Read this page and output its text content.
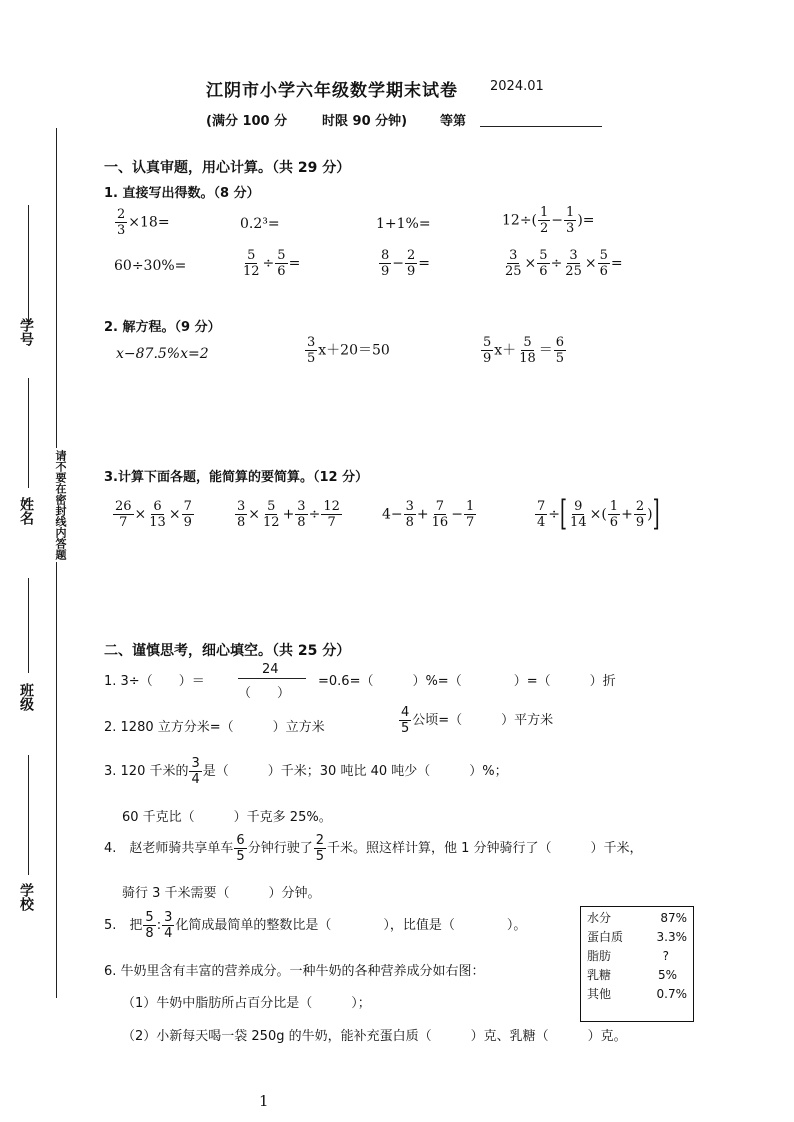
学号
姓名
班级
学校
请不要在密封线内答题
江阴市小学六年级数学期末试卷 2024.01
(满分 100 分	时限 90 分钟)	等第
一、认真审题，用心计算。（共 29 分）
1. 直接写出得数。（8 分）
$\frac{2}{3} \times 18=$	0.2³=	1+1%=	$12\div( \frac{1}{2} - \frac{1}{3}$ )=
60÷30%=	$\frac{5}{12} \div \frac{5}{6}$ =	$\frac{8}{9} - \frac{2}{9}$ =	$\frac{3}{25} \times \frac{5}{6} \div \frac{3}{25} \times \frac{5}{6}$ =
2. 解方程。（9 分）
x−87.5%x=2	$\frac{3}{5} x+20=50$	$\frac{5}{9} x+ \frac{5}{18} = \frac{6}{5}$
3.计算下面各题，能简算的要简算。（12 分）
$\frac{26}{7} \times \frac{6}{13} \times \frac{7}{9}$	$\frac{3}{8} \times \frac{5}{12} + \frac{3}{8} \div \frac{12}{7}$	$4- \frac{3}{8} + \frac{7}{16} - \frac{1}{7}$	$\frac{7}{4}$ ÷[ $\frac{9}{14}$ ×( $\frac{1}{6} + \frac{2}{9}$ )]
二、谨慎思考，细心填空。（共 25 分）
1. 3÷（　　）＝
24
（　　）
=0.6=（　　　）%=（　　　　）=（　　　）折
2. 1280 立方分米=（　　　）立方米	$\frac{4}{5}$ 公顷=（　　　）平方米
3. 120 千米的 $\frac{3}{4}$ 是（　　　）千米；30 吨比 40 吨少（　　　）%；
60 千克比（　　　）千克多 25%。
4.　赵老师骑共享单车 $\frac{6}{5}$ 分钟行驶了 $\frac{2}{5}$ 千米。照这样计算，他 1 分钟骑行了（　　　）千米，
骑行 3 千米需要（　　　）分钟。
5.　把 $\frac{5}{8}$ : $\frac{3}{4}$ 化简成最简单的整数比是（　　　　），比值是（　　　　）。
6. 牛奶里含有丰富的营养成分。一种牛奶的各种营养成分如右图：
（1）牛奶中脂肪所占百分比是（　　　）；
（2）小新每天喝一袋 250g 的牛奶，能补充蛋白质（　　　）克、乳糖（　　　）克。
水分	87%
蛋白质	3.3%
脂肪	?
乳糖	5%
其他	0.7%
1
